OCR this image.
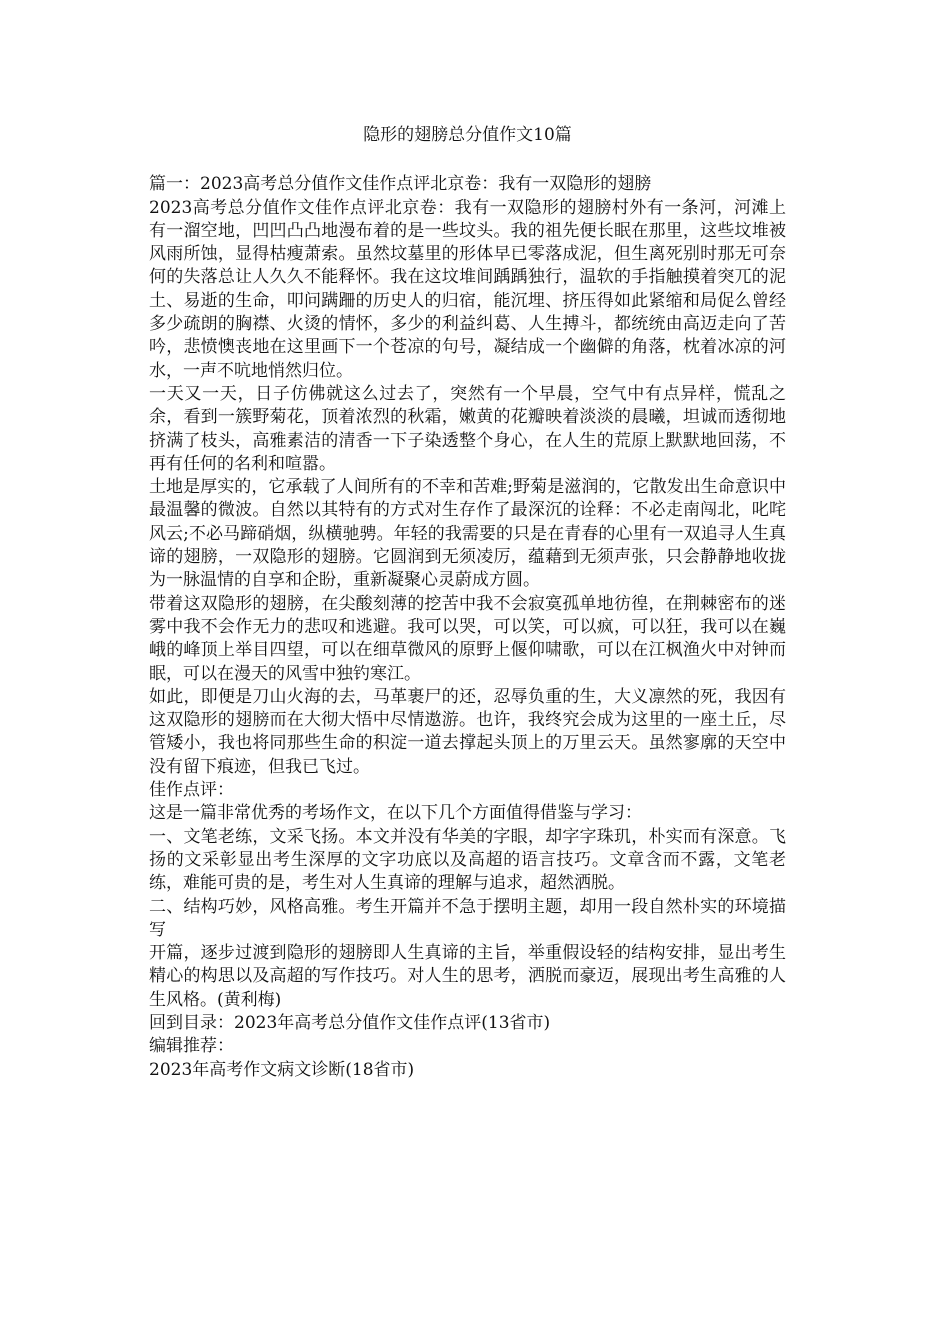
隐形的翅膀总分值作文10篇

篇一：2023高考总分值作文佳作点评北京卷：我有一双隐形的翅膀

2023高考总分值作文佳作点评北京卷：我有一双隐形的翅膀村外有一条河，河滩上有一溜空地，凹凹凸凸地漫布着的是一些坟头。我的祖先便长眠在那里，这些坟堆被风雨所蚀，显得枯瘦萧索。虽然坟墓里的形体早已零落成泥，但生离死别时那无可奈何的失落总让人久久不能释怀。我在这坟堆间踽踽独行，温软的手指触摸着突兀的泥土、易逝的生命，叩问蹒跚的历史人的归宿，能沉埋、挤压得如此紧缩和局促么曾经多少疏朗的胸襟、火烫的情怀，多少的利益纠葛、人生搏斗，都统统由高迈走向了苦吟，悲愤懊丧地在这里画下一个苍凉的句号，凝结成一个幽僻的角落，枕着冰凉的河水，一声不吭地悄然归位。

一天又一天，日子仿佛就这么过去了，突然有一个早晨，空气中有点异样，慌乱之余，看到一簇野菊花，顶着浓烈的秋霜，嫩黄的花瓣映着淡淡的晨曦，坦诚而透彻地挤满了枝头，高雅素洁的清香一下子染透整个身心，在人生的荒原上默默地回荡，不再有任何的名利和喧嚣。

土地是厚实的，它承载了人间所有的不幸和苦难;野菊是滋润的，它散发出生命意识中最温馨的微波。自然以其特有的方式对生存作了最深沉的诠释：不必走南闯北，叱咤风云;不必马蹄硝烟，纵横驰骋。年轻的我需要的只是在青春的心里有一双追寻人生真谛的翅膀，一双隐形的翅膀。它圆润到无须凌厉，蕴藉到无须声张，只会静静地收拢为一脉温情的自享和企盼，重新凝聚心灵蔚成方圆。

带着这双隐形的翅膀，在尖酸刻薄的挖苦中我不会寂寞孤单地彷徨，在荆棘密布的迷雾中我不会作无力的悲叹和逃避。我可以哭，可以笑，可以疯，可以狂，我可以在巍峨的峰顶上举目四望，可以在细草微风的原野上偃仰啸歌，可以在江枫渔火中对钟而眠，可以在漫天的风雪中独钓寒江。

如此，即便是刀山火海的去，马革裹尸的还，忍辱负重的生，大义凛然的死，我因有这双隐形的翅膀而在大彻大悟中尽情遨游。也许，我终究会成为这里的一座土丘，尽管矮小，我也将同那些生命的积淀一道去撑起头顶上的万里云天。虽然寥廓的天空中没有留下痕迹，但我已飞过。

佳作点评：

这是一篇非常优秀的考场作文，在以下几个方面值得借鉴与学习：

一、文笔老练，文采飞扬。本文并没有华美的字眼，却字字珠玑，朴实而有深意。飞扬的文采彰显出考生深厚的文字功底以及高超的语言技巧。文章含而不露，文笔老练，难能可贵的是，考生对人生真谛的理解与追求，超然洒脱。

二、结构巧妙，风格高雅。考生开篇并不急于摆明主题，却用一段自然朴实的环境描写

开篇，逐步过渡到隐形的翅膀即人生真谛的主旨，举重假设轻的结构安排，显出考生精心的构思以及高超的写作技巧。对人生的思考，洒脱而豪迈，展现出考生高雅的人生风格。(黄利梅)

回到目录：2023年高考总分值作文佳作点评(13省市)

编辑推荐：

2023年高考作文病文诊断(18省市)
